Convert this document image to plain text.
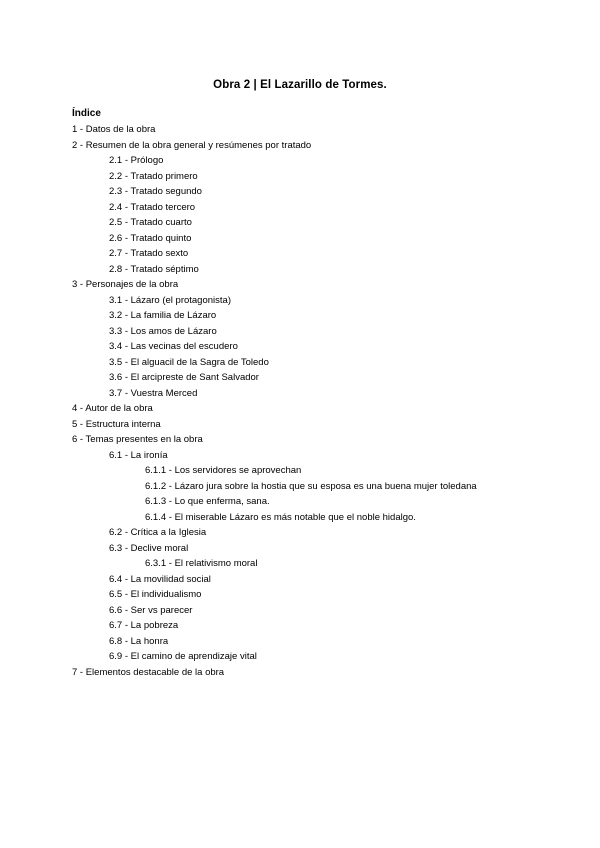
Obra 2 | El Lazarillo de Tormes.
Índice
1 - Datos de la obra
2 - Resumen de la obra general y resúmenes por tratado
2.1 - Prólogo
2.2 - Tratado primero
2.3 - Tratado segundo
2.4 - Tratado tercero
2.5 - Tratado cuarto
2.6 - Tratado quinto
2.7 - Tratado sexto
2.8 - Tratado séptimo
3 - Personajes de la obra
3.1 - Lázaro (el protagonista)
3.2 - La familia de Lázaro
3.3 - Los amos de Lázaro
3.4 - Las vecinas del escudero
3.5 - El alguacil de la Sagra de Toledo
3.6 - El arcipreste de Sant Salvador
3.7 - Vuestra Merced
4 - Autor de la obra
5 - Estructura interna
6 - Temas presentes en la obra
6.1 - La ironía
6.1.1 - Los servidores se aprovechan
6.1.2 - Lázaro jura sobre la hostia que su esposa es una buena mujer toledana
6.1.3 - Lo que enferma, sana.
6.1.4 - El miserable Lázaro es más notable que el noble hidalgo.
6.2 - Crítica a la Iglesia
6.3 - Declive moral
6.3.1 - El relativismo moral
6.4 - La movilidad social
6.5 - El individualismo
6.6 - Ser vs parecer
6.7 - La pobreza
6.8 - La honra
6.9 - El camino de aprendizaje vital
7 - Elementos destacable de la obra
